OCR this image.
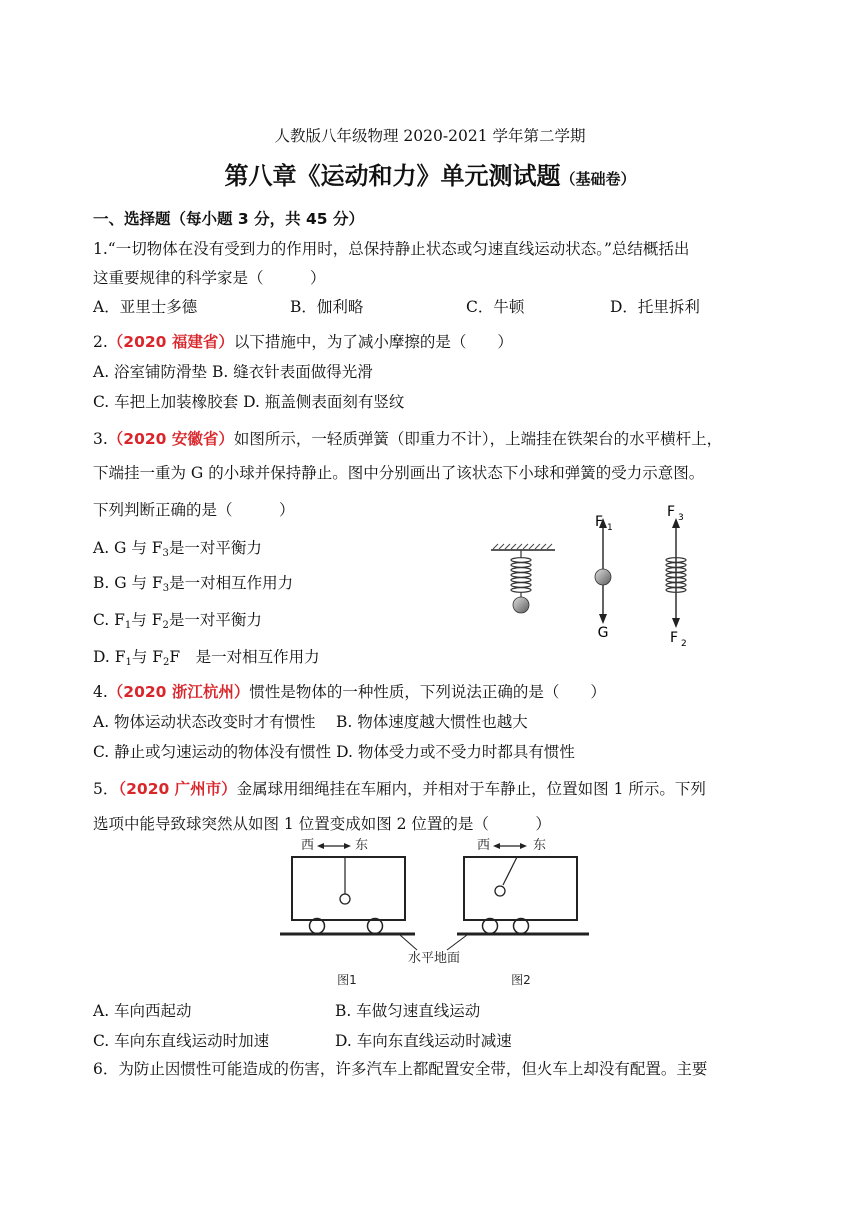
人教版八年级物理 2020-2021 学年第二学期
第八章《运动和力》单元测试题（基础卷）
一、选择题（每小题 3 分，共 45 分）
1.“一切物体在没有受到力的作用时，总保持静止状态或匀速直线运动状态。”总结概括出
这重要规律的科学家是（　　　）
A．亚里士多德	B．伽利略	C．牛顿	D．托里拆利
2.（2020 福建省）以下措施中，为了减小摩擦的是（　　）
A. 浴室铺防滑垫 B. 缝衣针表面做得光滑
C. 车把上加装橡胶套 D. 瓶盖侧表面刻有竖纹
3.（2020 安徽省）如图所示，一轻质弹簧（即重力不计），上端挂在铁架台的水平横杆上，
下端挂一重为 G 的小球并保持静止。图中分别画出了该状态下小球和弹簧的受力示意图。
下列判断正确的是（　　　）
A. G 与 $F_3$是一对平衡力
B. G 与 $F_3$是一对相互作用力
C. $F_1$与 $F_2$是一对平衡力
D. $F_1$与 $F_2F$　是一对相互作用力
F 1
G
F 3
F 2
4.（2020 浙江杭州）惯性是物体的一种性质，下列说法正确的是（　　）
A. 物体运动状态改变时才有惯性　 B. 物体速度越大惯性也越大
C. 静止或匀速运动的物体没有惯性 D. 物体受力或不受力时都具有惯性
5．（2020 广州市）金属球用细绳挂在车厢内，并相对于车静止，位置如图 1 所示。下列
选项中能导致球突然从如图 1 位置变成如图 2 位置的是（　　　）
西	东	西	东
水平地面
图1	图2
A. 车向西起动	B. 车做匀速直线运动
C. 车向东直线运动时加速	D. 车向东直线运动时减速
6．为防止因惯性可能造成的伤害，许多汽车上都配置安全带，但火车上却没有配置。主要
